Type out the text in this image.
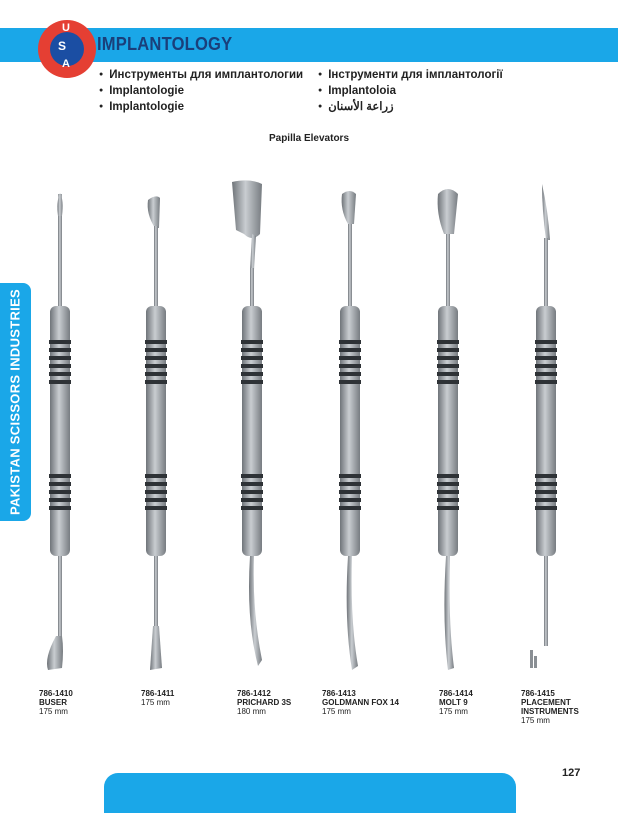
U
S
A
IMPLANTOLOGY
● Инструменты для имплантологии
● Implantologie
● Implantologie
● Інструменти для імплантології
● Implantoloia
● زراعة الأسنان
Papilla Elevators
PAKISTAN SCISSORS INDUSTRIES
786-1410
BUSER
175 mm
786-1411
175 mm
786-1412
PRICHARD 3S
180 mm
786-1413
GOLDMANN FOX 14
175 mm
786-1414
MOLT 9
175 mm
786-1415
PLACEMENT INSTRUMENTS
175 mm
127
